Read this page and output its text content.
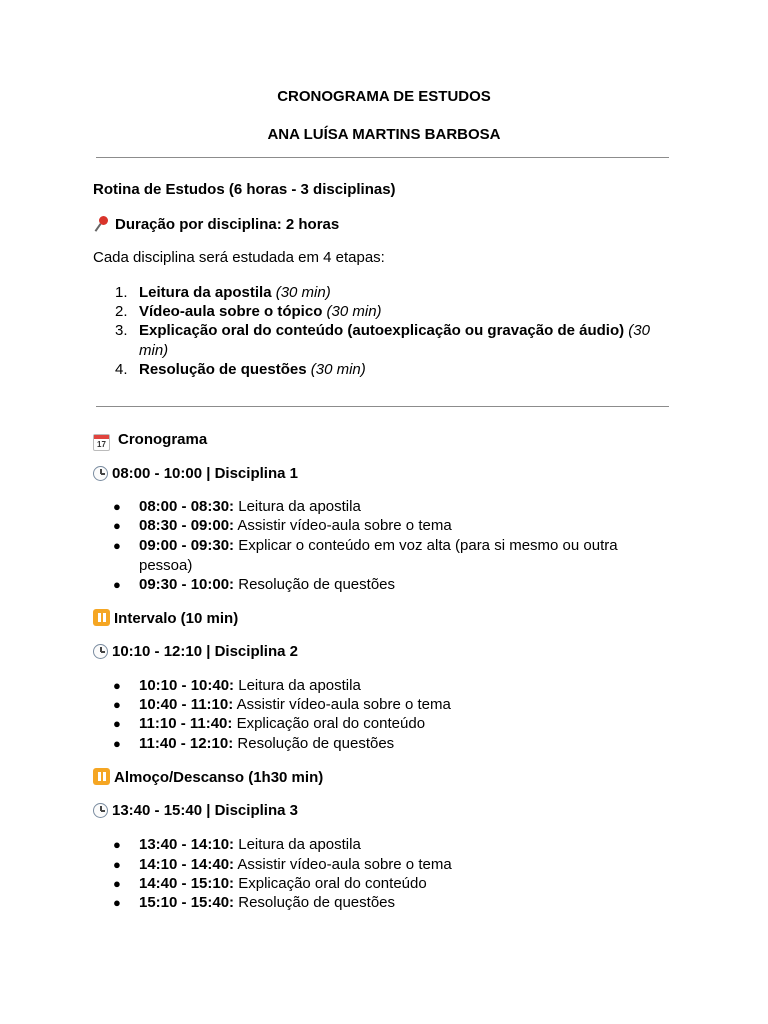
CRONOGRAMA DE ESTUDOS
ANA LUÍSA MARTINS BARBOSA
Rotina de Estudos (6 horas - 3 disciplinas)
Duração por disciplina: 2 horas
Cada disciplina será estudada em 4 etapas:
1. Leitura da apostila (30 min)
2. Vídeo-aula sobre o tópico (30 min)
3. Explicação oral do conteúdo (autoexplicação ou gravação de áudio) (30 min)
4. Resolução de questões (30 min)
17 Cronograma
08:00 - 10:00 | Disciplina 1
● 08:00 - 08:30: Leitura da apostila
● 08:30 - 09:00: Assistir vídeo-aula sobre o tema
● 09:00 - 09:30: Explicar o conteúdo em voz alta (para si mesmo ou outra pessoa)
● 09:30 - 10:00: Resolução de questões
Intervalo (10 min)
10:10 - 12:10 | Disciplina 2
● 10:10 - 10:40: Leitura da apostila
● 10:40 - 11:10: Assistir vídeo-aula sobre o tema
● 11:10 - 11:40: Explicação oral do conteúdo
● 11:40 - 12:10: Resolução de questões
Almoço/Descanso (1h30 min)
13:40 - 15:40 | Disciplina 3
● 13:40 - 14:10: Leitura da apostila
● 14:10 - 14:40: Assistir vídeo-aula sobre o tema
● 14:40 - 15:10: Explicação oral do conteúdo
● 15:10 - 15:40: Resolução de questões
